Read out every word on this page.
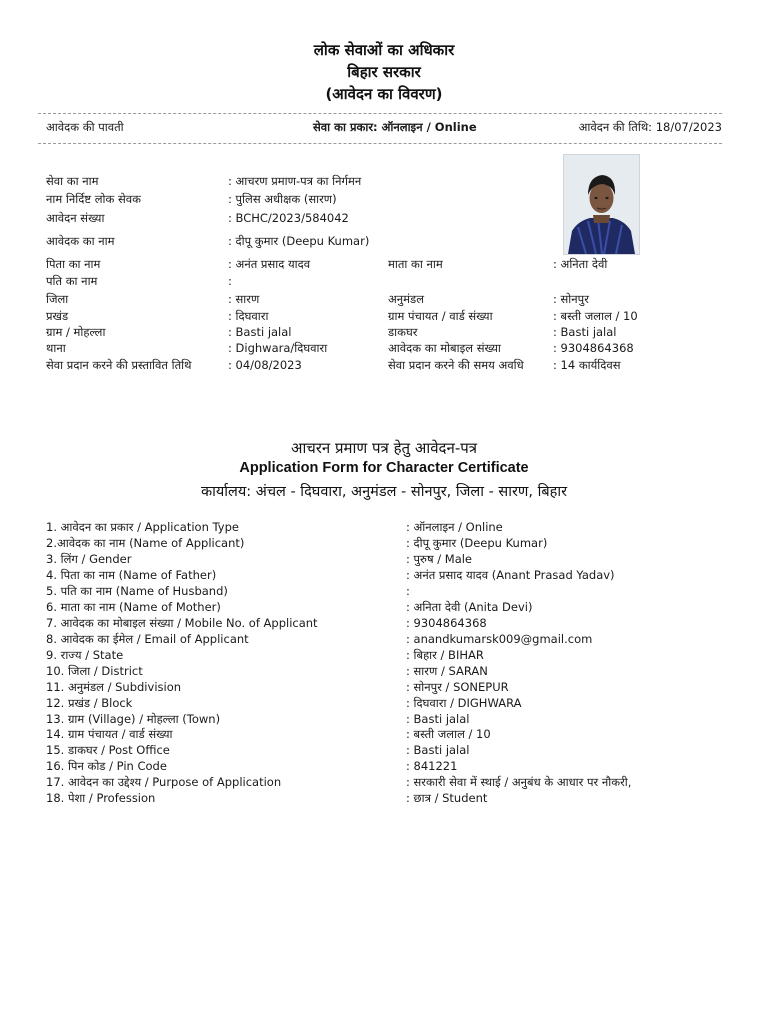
लोक सेवाओं का अधिकार
बिहार सरकार
(आवेदन का विवरण)
आवेदक की पावती	सेवा का प्रकार: ऑनलाइन / Online	आवेदन की तिथि: 18/07/2023
सेवा का नाम	: आचरण प्रमाण-पत्र का निर्गमन
नाम निर्दिष्ट लोक सेवक	: पुलिस अधीक्षक (सारण)
आवेदन संख्या	: BCHC/2023/584042
आवेदक का नाम	: दीपू कुमार (Deepu Kumar)
पिता का नाम	: अनंत प्रसाद यादव	माता का नाम	: अनिता देवी
पति का नाम	:
जिला	: सारण	अनुमंडल	: सोनपुर
प्रखंड	: दिघवारा	ग्राम पंचायत / वार्ड संख्या	: बस्ती जलाल / 10
ग्राम / मोहल्ला	: Basti jalal	डाकघर	: Basti jalal
थाना	: Dighwara/दिघवारा	आवेदक का मोबाइल संख्या	: 9304864368
सेवा प्रदान करने की प्रस्तावित तिथि	: 04/08/2023	सेवा प्रदान करने की समय अवधि	: 14 कार्यदिवस
आचरन प्रमाण पत्र हेतु आवेदन-पत्र
Application Form for Character Certificate
कार्यालय: अंचल - दिघवारा, अनुमंडल - सोनपुर, जिला - सारण, बिहार
1. आवेदन का प्रकार / Application Type	: ऑनलाइन / Online
2.आवेदक का नाम (Name of Applicant)	: दीपू कुमार (Deepu Kumar)
3. लिंग / Gender	: पुरुष / Male
4. पिता का नाम (Name of Father)	: अनंत प्रसाद यादव (Anant Prasad Yadav)
5. पति का नाम (Name of Husband)	:
6. माता का नाम (Name of Mother)	: अनिता देवी (Anita Devi)
7. आवेदक का मोबाइल संख्या / Mobile No. of Applicant	: 9304864368
8. आवेदक का ईमेल / Email of Applicant	: anandkumarsk009@gmail.com
9. राज्य / State	: बिहार / BIHAR
10. जिला / District	: सारण / SARAN
11. अनुमंडल / Subdivision	: सोनपुर / SONEPUR
12. प्रखंड / Block	: दिघवारा / DIGHWARA
13. ग्राम (Village) / मोहल्ला (Town)	: Basti jalal
14. ग्राम पंचायत / वार्ड संख्या	: बस्ती जलाल / 10
15. डाकघर / Post Office	: Basti jalal
16. पिन कोड / Pin Code	: 841221
17. आवेदन का उद्देश्य / Purpose of Application	: सरकारी सेवा में स्थाई / अनुबंध के आधार पर नौकरी,
18. पेशा / Profession	: छात्र / Student
